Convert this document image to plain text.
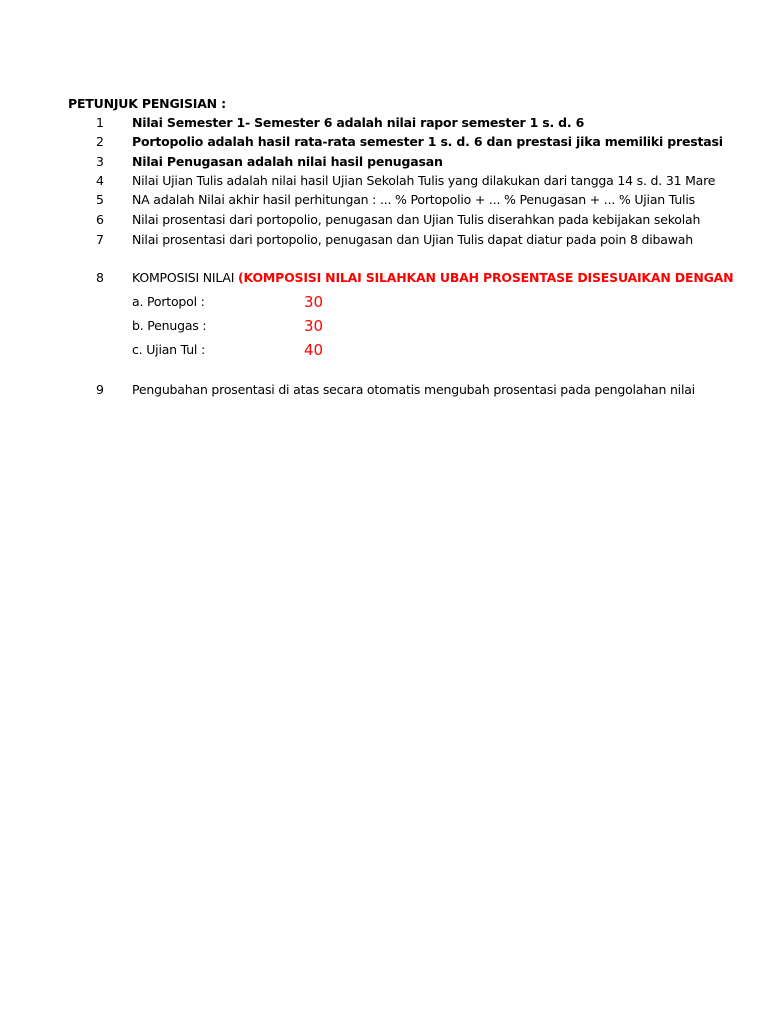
PETUNJUK PENGISIAN :
1	Nilai Semester 1- Semester 6 adalah nilai rapor semester 1 s. d. 6
2	Portopolio adalah hasil rata-rata semester 1 s. d. 6 dan prestasi jika memiliki prestasi
3	Nilai Penugasan adalah nilai hasil penugasan
4	Nilai Ujian Tulis adalah nilai hasil Ujian Sekolah Tulis yang dilakukan dari tangga 14 s. d. 31 Mare
5	NA adalah Nilai akhir hasil perhitungan : ... % Portopolio + ... % Penugasan + ... % Ujian Tulis
6	Nilai prosentasi dari portopolio, penugasan dan Ujian Tulis diserahkan pada kebijakan sekolah
7	Nilai prosentasi dari portopolio, penugasan dan Ujian Tulis dapat diatur pada poin 8 dibawah
8	KOMPOSISI NILAI (KOMPOSISI NILAI SILAHKAN UBAH PROSENTASE DISESUAIKAN DENGAN
a. Portopol :	30
b. Penugas :	30
c. Ujian Tul :	40
9	Pengubahan prosentasi di atas secara otomatis mengubah prosentasi pada pengolahan nilai
